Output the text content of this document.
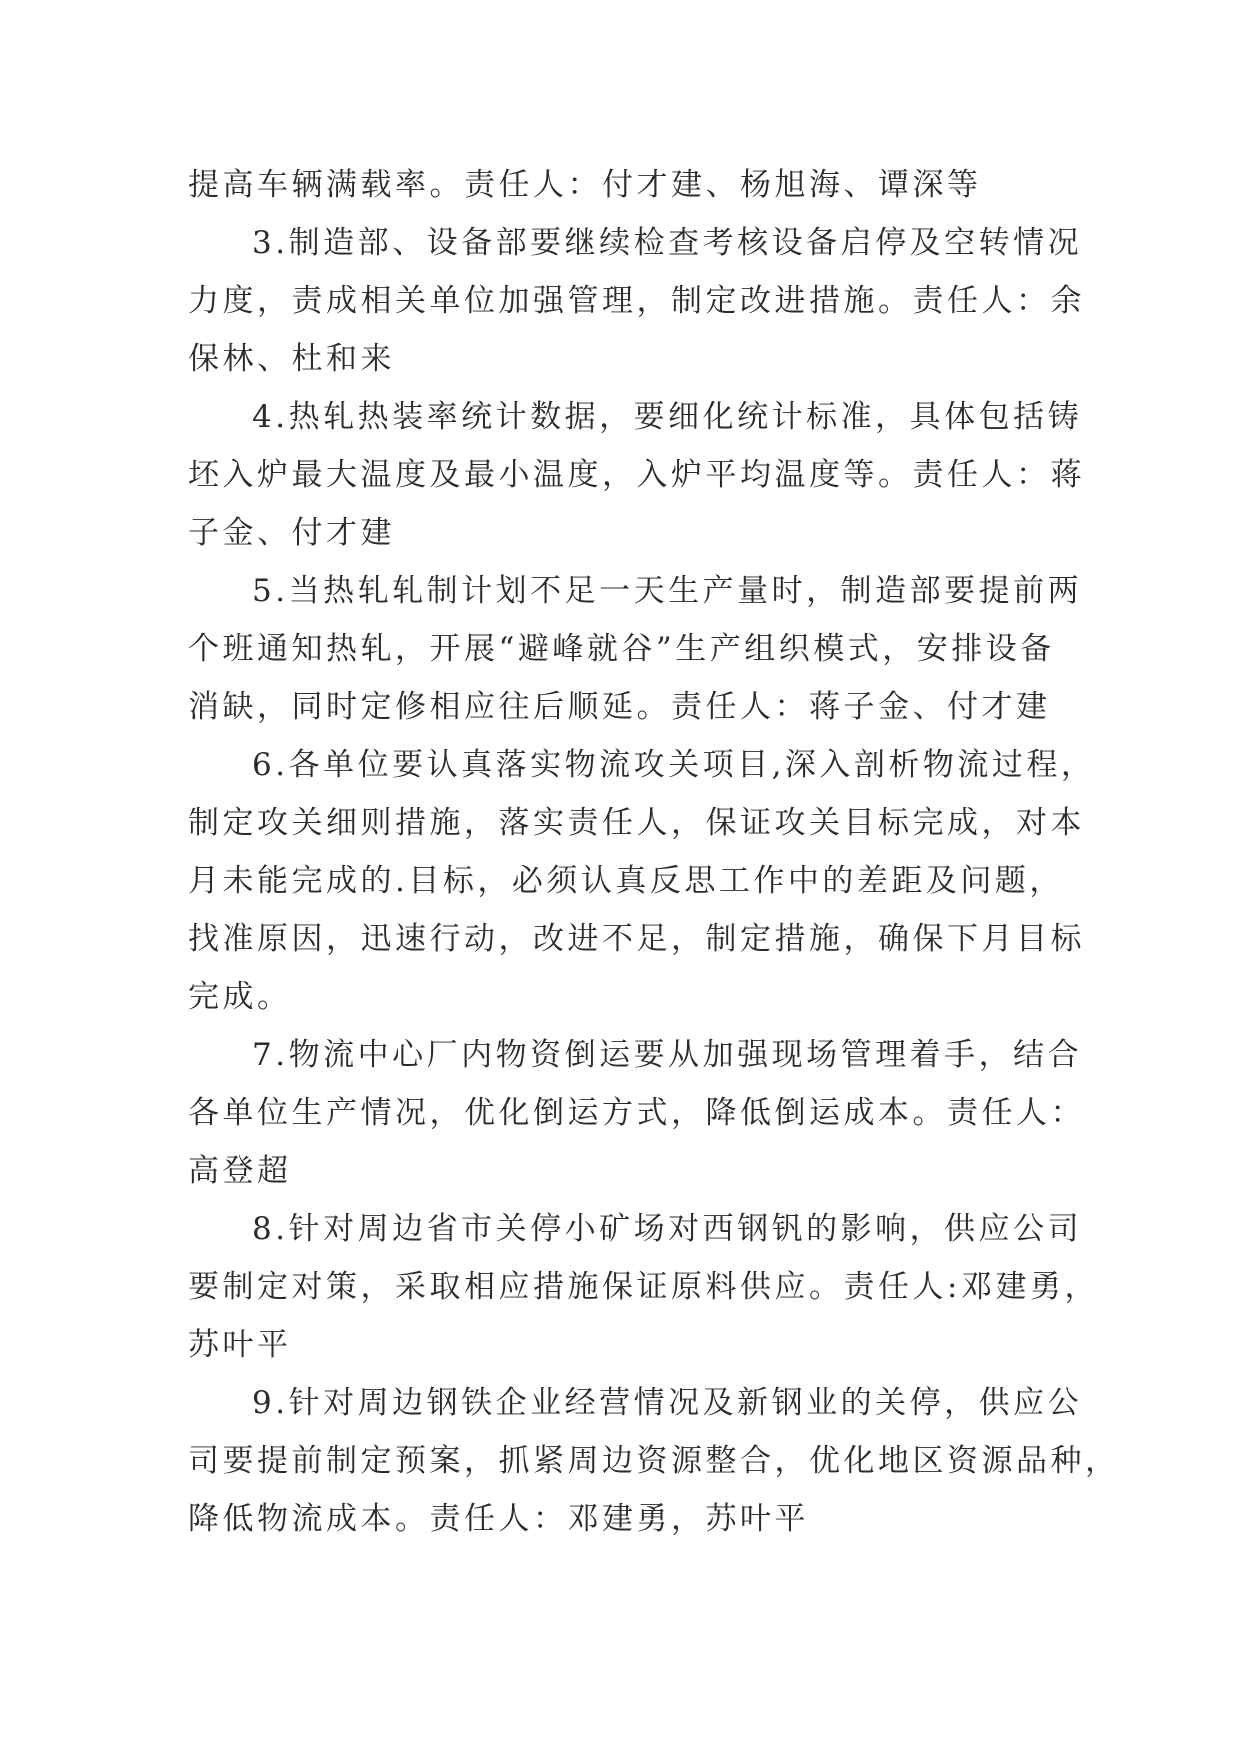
提高车辆满载率。责任人：付才建、杨旭海、谭深等
3.制造部、设备部要继续检查考核设备启停及空转情况
力度，责成相关单位加强管理，制定改进措施。责任人：余
保林、杜和来
4.热轧热装率统计数据，要细化统计标准，具体包括铸
坯入炉最大温度及最小温度，入炉平均温度等。责任人：蒋
子金、付才建
5.当热轧轧制计划不足一天生产量时，制造部要提前两
个班通知热轧，开展“避峰就谷”生产组织模式，安排设备
消缺，同时定修相应往后顺延。责任人：蒋子金、付才建
6.各单位要认真落实物流攻关项目,深入剖析物流过程，
制定攻关细则措施，落实责任人，保证攻关目标完成，对本
月未能完成的.目标，必须认真反思工作中的差距及问题，
找准原因，迅速行动，改进不足，制定措施，确保下月目标
完成。
7.物流中心厂内物资倒运要从加强现场管理着手，结合
各单位生产情况，优化倒运方式，降低倒运成本。责任人：
高登超
8.针对周边省市关停小矿场对西钢钒的影响，供应公司
要制定对策，采取相应措施保证原料供应。责任人:邓建勇，
苏叶平
9.针对周边钢铁企业经营情况及新钢业的关停，供应公
司要提前制定预案，抓紧周边资源整合，优化地区资源品种，
降低物流成本。责任人：邓建勇，苏叶平
